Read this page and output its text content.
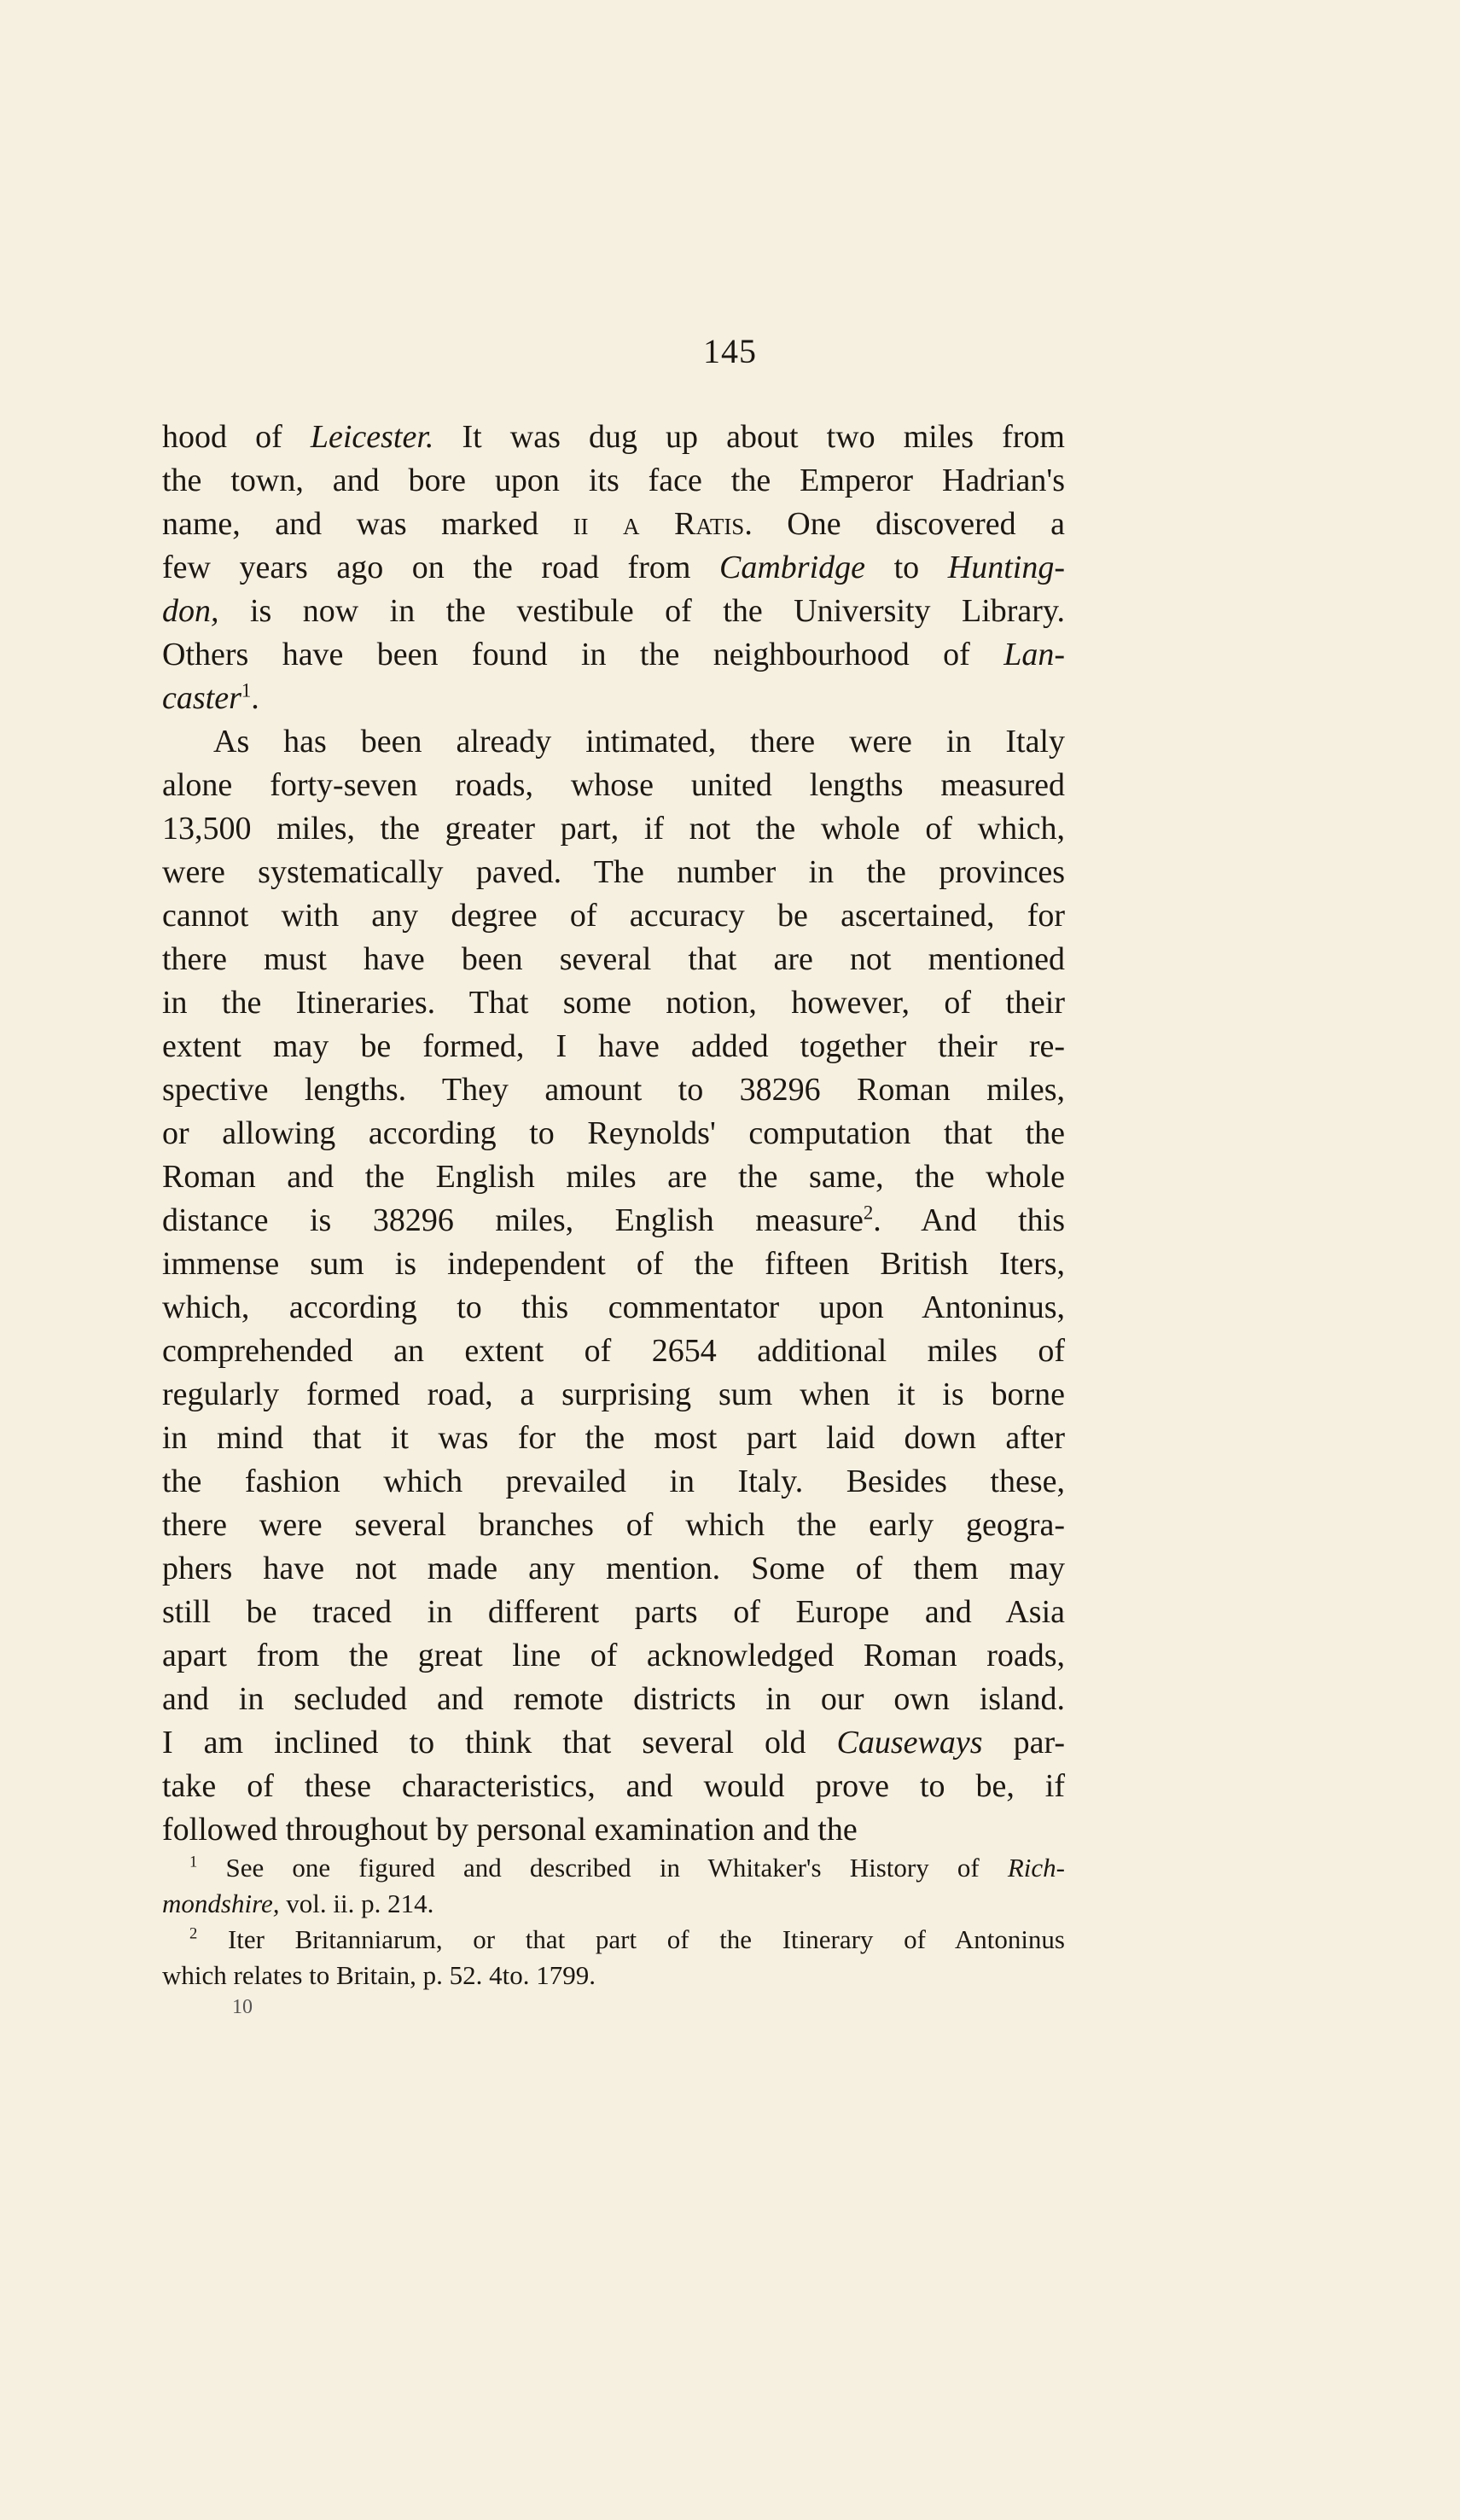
145
hood of Leicester. It was dug up about two miles from
the town, and bore upon its face the Emperor Hadrian's
name, and was marked ii a Ratis. One discovered a
few years ago on the road from Cambridge to Hunting-
don, is now in the vestibule of the University Library.
Others have been found in the neighbourhood of Lan-
caster$^1$.
As has been already intimated, there were in Italy
alone forty-seven roads, whose united lengths measured
13,500 miles, the greater part, if not the whole of which,
were systematically paved. The number in the provinces
cannot with any degree of accuracy be ascertained, for
there must have been several that are not mentioned
in the Itineraries. That some notion, however, of their
extent may be formed, I have added together their re-
spective lengths. They amount to 38296 Roman miles,
or allowing according to Reynolds' computation that the
Roman and the English miles are the same, the whole
distance is 38296 miles, English measure$^2$. And this
immense sum is independent of the fifteen British Iters,
which, according to this commentator upon Antoninus,
comprehended an extent of 2654 additional miles of
regularly formed road, a surprising sum when it is borne
in mind that it was for the most part laid down after
the fashion which prevailed in Italy. Besides these,
there were several branches of which the early geogra-
phers have not made any mention. Some of them may
still be traced in different parts of Europe and Asia
apart from the great line of acknowledged Roman roads,
and in secluded and remote districts in our own island.
I am inclined to think that several old Causeways par-
take of these characteristics, and would prove to be, if
followed throughout by personal examination and the
$^1$ See one figured and described in Whitaker's History of Rich-
mondshire, vol. ii. p. 214.
$^2$ Iter Britanniarum, or that part of the Itinerary of Antoninus
which relates to Britain, p. 52. 4to. 1799.
10
